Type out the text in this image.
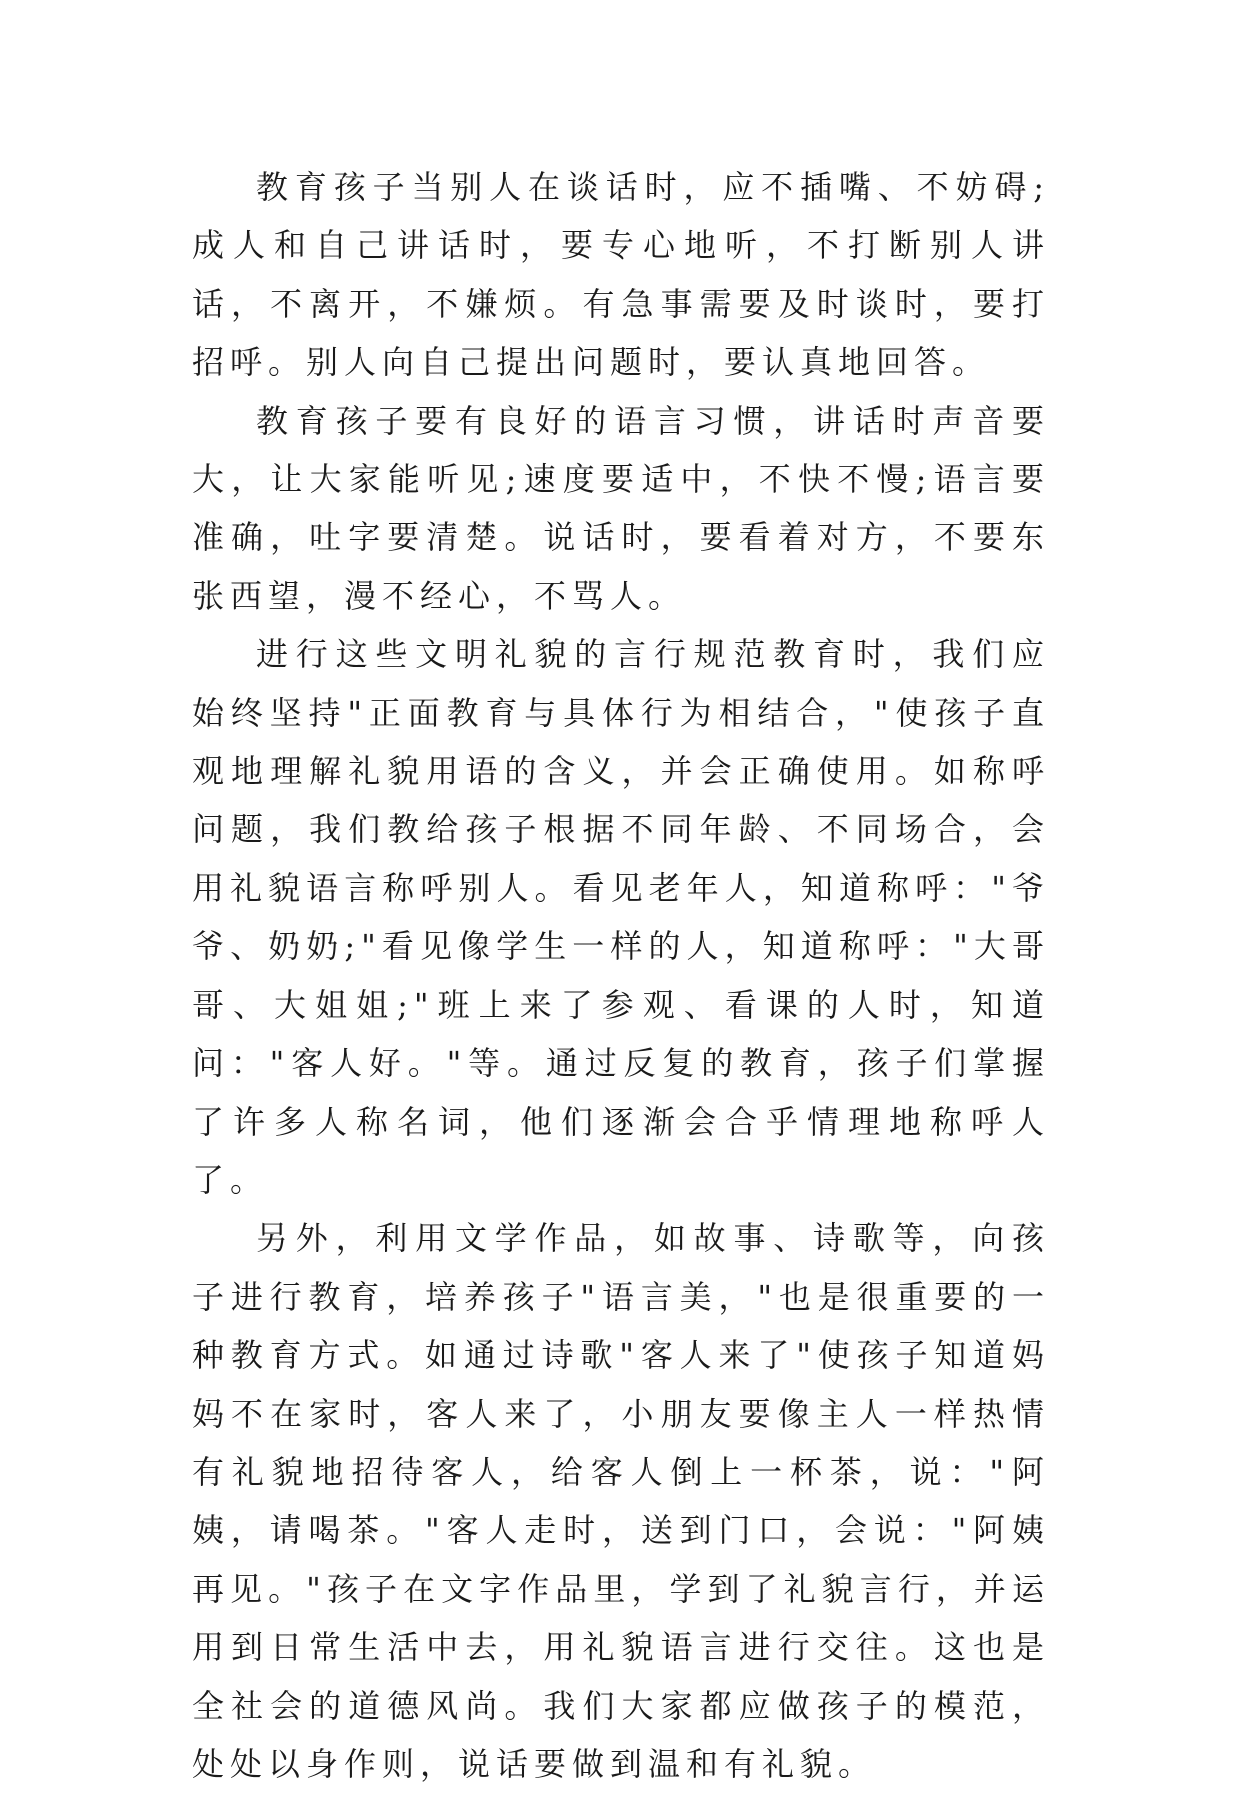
教育孩子当别人在谈话时，应不插嘴、不妨碍;成人和自己讲话时，要专心地听，不打断别人讲话，不离开，不嫌烦。有急事需要及时谈时，要打招呼。别人向自己提出问题时，要认真地回答。

教育孩子要有良好的语言习惯，讲话时声音要大，让大家能听见;速度要适中，不快不慢;语言要准确，吐字要清楚。说话时，要看着对方，不要东张西望，漫不经心，不骂人。

进行这些文明礼貌的言行规范教育时，我们应始终坚持"正面教育与具体行为相结合，"使孩子直观地理解礼貌用语的含义，并会正确使用。如称呼问题，我们教给孩子根据不同年龄、不同场合，会用礼貌语言称呼别人。看见老年人，知道称呼："爷爷、奶奶;"看见像学生一样的人，知道称呼："大哥哥、大姐姐;"班上来了参观、看课的人时，知道问："客人好。"等。通过反复的教育，孩子们掌握了许多人称名词，他们逐渐会合乎情理地称呼人了。

另外，利用文学作品，如故事、诗歌等，向孩子进行教育，培养孩子"语言美，"也是很重要的一种教育方式。如通过诗歌"客人来了"使孩子知道妈妈不在家时，客人来了，小朋友要像主人一样热情有礼貌地招待客人，给客人倒上一杯茶，说："阿姨，请喝茶。"客人走时，送到门口，会说："阿姨再见。"孩子在文字作品里，学到了礼貌言行，并运用到日常生活中去，用礼貌语言进行交往。这也是全社会的道德风尚。我们大家都应做孩子的模范，处处以身作则，说话要做到温和有礼貌。
